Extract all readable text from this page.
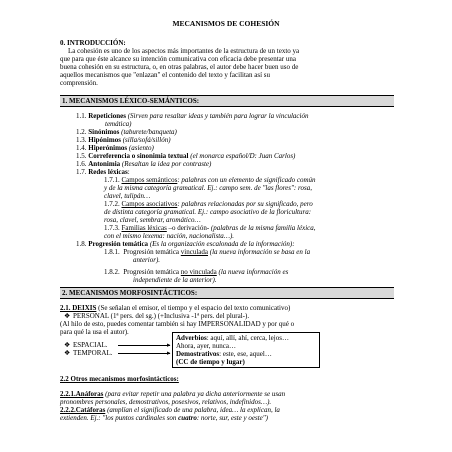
MECANISMOS DE COHESIÓN
0. INTRODUCCIÓN:
La cohesión es uno de los aspectos más importantes de la estructura de un texto ya
que para que éste alcance su intención comunicativa con eficacia debe presentar una
buena cohesión en su estructura, o, en otras palabras, el autor debe hacer buen uso de
aquellos mecanismos que "enlazan" el contenido del texto y facilitan así su
comprensión.
1. MECANISMOS LÉXICO-SEMÁNTICOS:
1.1. Repeticiones (Sirven para resaltar ideas y también para lograr la vinculación
temática)
1.2. Sinónimos (taburete/banqueta)
1.3. Hipónimos (silla/sofá/sillón)
1.4. Hiperónimos (asiento)
1.5. Correferencia o sinonimia textual (el monarca español/D: Juan Carlos)
1.6. Antonimia (Resaltan la idea por contraste)
1.7. Redes léxicas:
1.7.1. Campos semánticos: palabras con un elemento de significado común
y de la misma categoría gramatical. Ej.: campo sem. de "las flores": rosa,
clavel, tulipán…
1.7.2. Campos asociativos: palabras relacionadas por su significado, pero
de distinta categoría gramatical. Ej.: campo asociativo de la floricultura:
rosa, clavel, sembrar, aromático…
1.7.3. Familias léxicas –o derivación- (palabras de la misma familia léxica,
con el mismo lexema: nación, nacionalista…).
1.8. Progresión temática (Es la organización escalonada de la información):
1.8.1. Progresión temática vinculada (la nueva información se basa en la
anterior).
1.8.2. Progresión temática no vinculada (la nueva información es
independiente de la anterior).
2. MECANISMOS MORFOSINTÁCTICOS:
2.1. DEIXIS (Se señalan el emisor, el tiempo y el espacio del texto comunicativo)
❖ PERSONAL (1ª pers. del sg.) (+Inclusiva -1ª pers. del plural-).
(Al hilo de esto, puedes comentar también si hay IMPERSONALIDAD y por qué o
para qué la usa el autor).
❖ ESPACIAL.
❖ TEMPORAL.
▸
▸
Adverbios: aquí, allí, ahí, cerca, lejos…
Ahora, ayer, nunca…
Demostrativos: este, ese, aquel…
(CC de tiempo y lugar)
2.2 Otros mecanismos morfosintácticos:
2.2.1.Anáforas (para evitar repetir una palabra ya dicha anteriormente se usan
pronombres personales, demostrativos, posesivos, relativos, indefinidos…).
2.2.2.Catáforas (amplían el significado de una palabra, idea… la explican, la
extienden. Ej.: "los puntos cardinales son cuatro: norte, sur, este y oeste")
